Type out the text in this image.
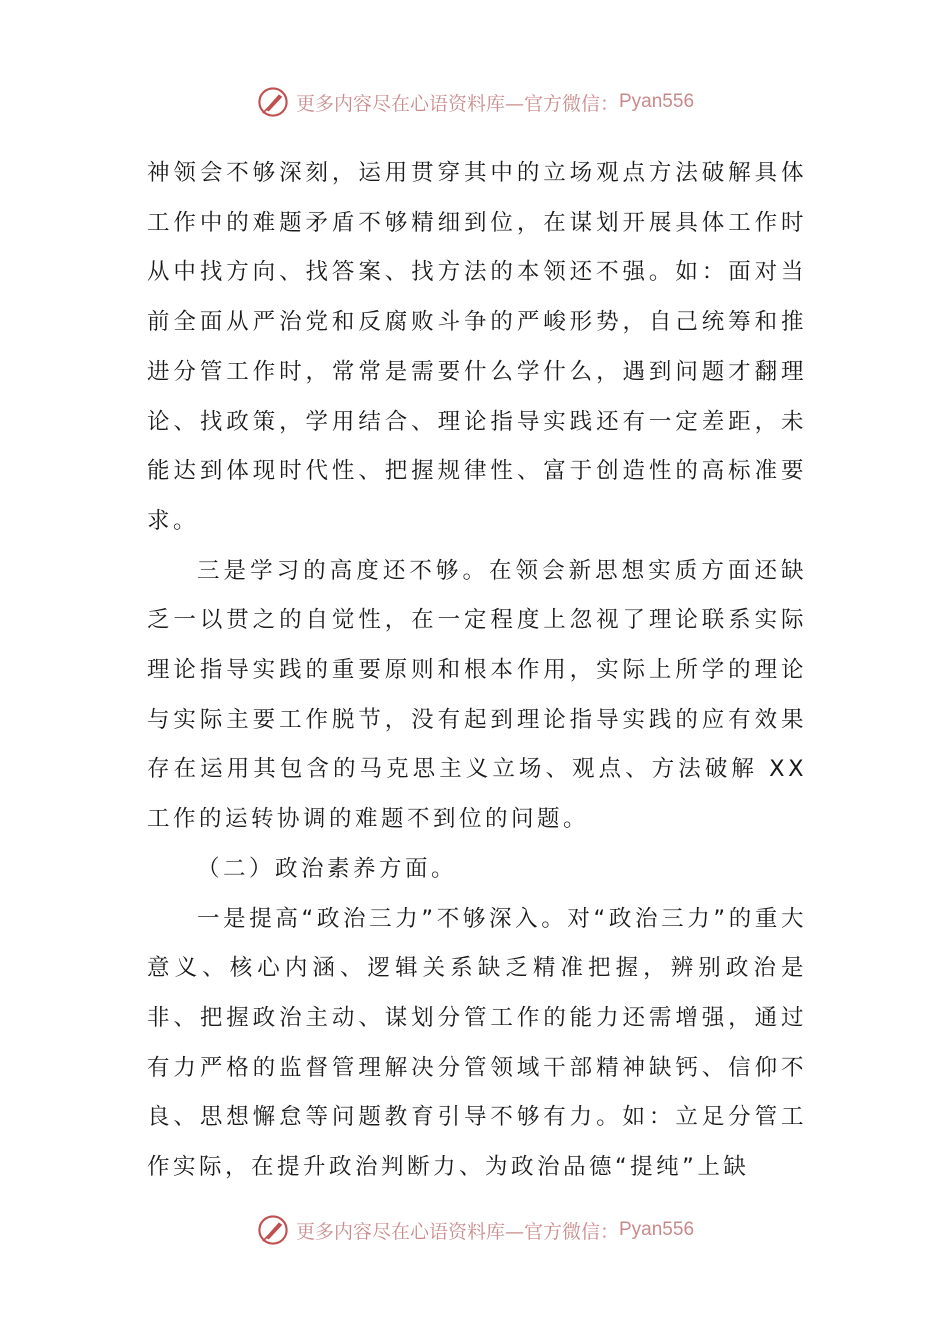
更多内容尽在心语资料库—官方微信： Pyan556

神领会不够深刻，运用贯穿其中的立场观点方法破解具体工作中的难题矛盾不够精细到位，在谋划开展具体工作时从中找方向、找答案、找方法的本领还不强。如：面对当前全面从严治党和反腐败斗争的严峻形势，自己统筹和推进分管工作时，常常是需要什么学什么，遇到问题才翻理论、找政策，学用结合、理论指导实践还有一定差距，未能达到体现时代性、把握规律性、富于创造性的高标准要求。

三是学习的高度还不够。在领会新思想实质方面还缺乏一以贯之的自觉性，在一定程度上忽视了理论联系实际理论指导实践的重要原则和根本作用，实际上所学的理论与实际主要工作脱节，没有起到理论指导实践的应有效果存在运用其包含的马克思主义立场、观点、方法破解 XX 工作的运转协调的难题不到位的问题。

（二）政治素养方面。

一是提高“政治三力”不够深入。对“政治三力”的重大意义、核心内涵、逻辑关系缺乏精准把握，辨别政治是非、把握政治主动、谋划分管工作的能力还需增强，通过有力严格的监督管理解决分管领域干部精神缺钙、信仰不良、思想懈怠等问题教育引导不够有力。如：立足分管工作实际，在提升政治判断力、为政治品德“提纯”上缺

更多内容尽在心语资料库—官方微信： Pyan556
